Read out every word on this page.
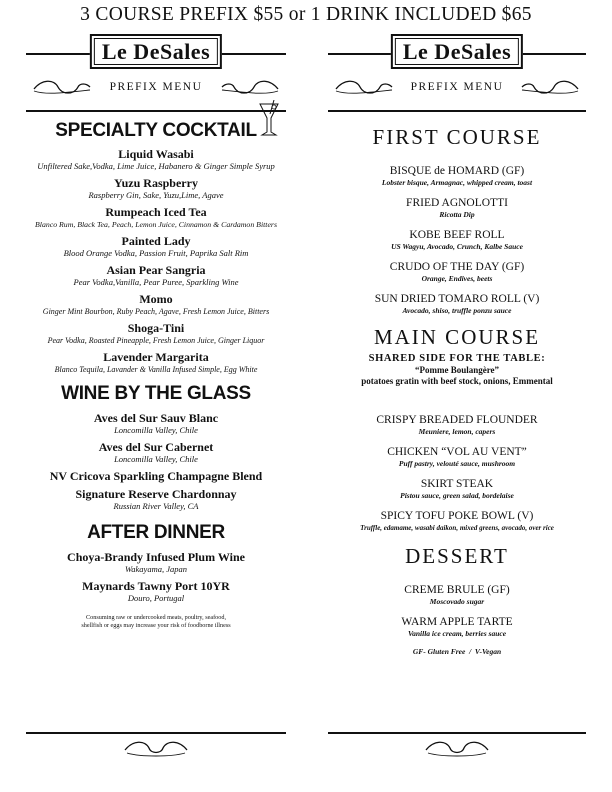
3 COURSE PREFIX $55 or 1 DRINK INCLUDED $65
Le DeSales
PREFIX MENU

SPECIALTY COCKTAIL

Liquid Wasabi

Unfiltered Sake,Vodka, Lime Juice, Habanero & Ginger Simple Syrup

Yuzu Raspberry

Raspberry Gin, Sake, Yuzu,Lime, Agave

Rumpeach Iced Tea

Blanco Rum, Black Tea, Peach, Lemon Juice, Cinnamon & Cardamon Bitters

Painted Lady

Blood Orange Vodka, Passion Fruit, Paprika Salt Rim

Asian Pear Sangria

Pear Vodka,Vanilla, Pear Puree, Sparkling Wine

Momo

Ginger Mint Bourbon, Ruby Peach, Agave, Fresh Lemon Juice, Bitters

Shoga-Tini

Pear Vodka, Roasted Pineapple, Fresh Lemon Juice, Ginger Liquor

Lavender Margarita

Blanco Tequila, Lavander & Vanilla Infused Simple, Egg White

WINE BY THE GLASS

Aves del Sur Sauv Blanc

Loncomilla Valley, Chile

Aves del Sur Cabernet

Loncomilla Valley, Chile

NV Cricova Sparkling Champagne Blend

Signature Reserve Chardonnay

Russian River Valley, CA

AFTER DINNER

Choya-Brandy Infused Plum Wine

Wakayama, Japan

Maynards Tawny Port 10YR

Douro, Portugal

Consuming raw or undercooked meats, poultry, seafood,

shellfish or eggs may increase your risk of foodborne illness

Le DeSales
PREFIX MENU

FIRST COURSE

BISQUE de HOMARD (GF)

Lobster bisque, Armagnac, whipped cream, toast

FRIED AGNOLOTTI

Ricotta Dip

KOBE BEEF ROLL

US Wagyu, Avocado, Crunch, Kalbe Sauce

CRUDO OF THE DAY (GF)

Orange, Endives, beets

SUN DRIED TOMARO ROLL (V)

Avocado, shiso, truffle ponzu sauce

MAIN COURSE

SHARED SIDE FOR THE TABLE:

“Pomme Boulangère”

potatoes gratin with beef stock, onions, Emmental

CRISPY BREADED FLOUNDER

Meuniere, lemon, capers

CHICKEN “VOL AU VENT”

Puff pastry, velouté sauce, mushroom

SKIRT STEAK

Pistou sauce, green salad, bordelaise

SPICY TOFU POKE BOWL (V)

Truffle, edamame, wasabi daikon, mixed greens, avocado, over rice

DESSERT

CREME BRULE (GF)

Moscovado sugar

WARM APPLE TARTE

Vanilla ice cream, berries sauce

GF- Gluten Free  /  V-Vegan
